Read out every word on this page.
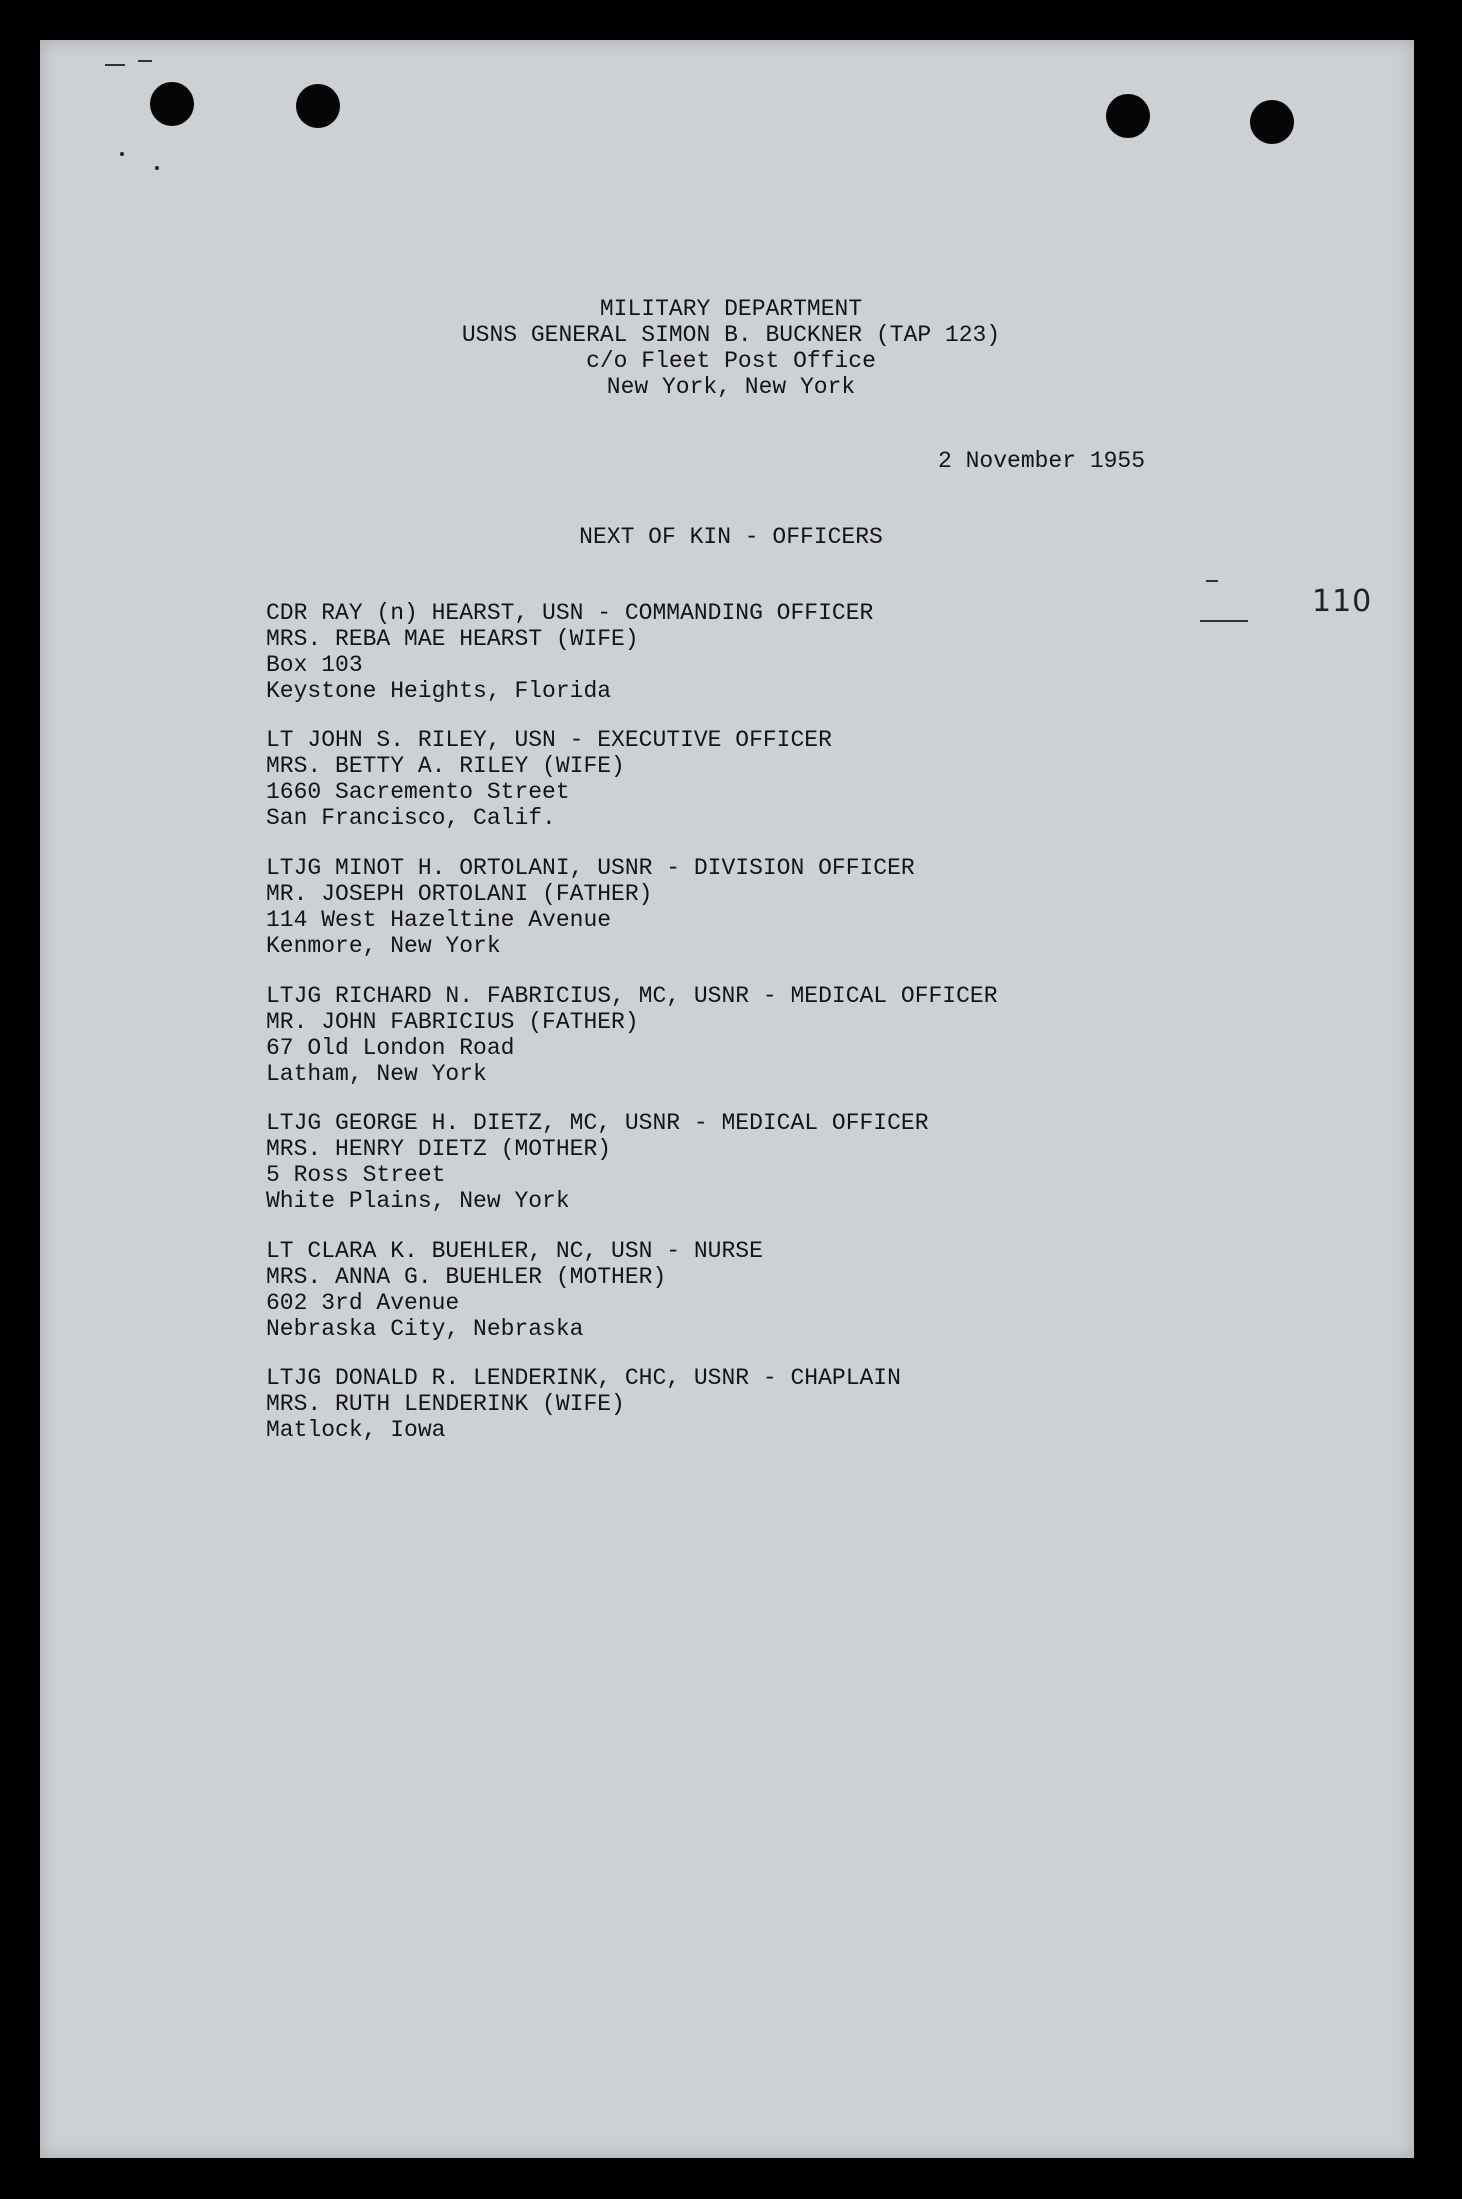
MILITARY DEPARTMENT

USNS GENERAL SIMON B. BUCKNER (TAP 123)

c/o Fleet Post Office

New York, New York

2 November 1955

NEXT OF KIN - OFFICERS

110

CDR RAY (n) HEARST, USN - COMMANDING OFFICER

MRS. REBA MAE HEARST (WIFE)

Box 103

Keystone Heights, Florida

LT JOHN S. RILEY, USN - EXECUTIVE OFFICER

MRS. BETTY A. RILEY (WIFE)

1660 Sacremento Street

San Francisco, Calif.

LTJG MINOT H. ORTOLANI, USNR - DIVISION OFFICER

MR. JOSEPH ORTOLANI (FATHER)

114 West Hazeltine Avenue

Kenmore, New York

LTJG RICHARD N. FABRICIUS, MC, USNR - MEDICAL OFFICER

MR. JOHN FABRICIUS (FATHER)

67 Old London Road

Latham, New York

LTJG GEORGE H. DIETZ, MC, USNR - MEDICAL OFFICER

MRS. HENRY DIETZ (MOTHER)

5 Ross Street

White Plains, New York

LT CLARA K. BUEHLER, NC, USN - NURSE

MRS. ANNA G. BUEHLER (MOTHER)

602 3rd Avenue

Nebraska City, Nebraska

LTJG DONALD R. LENDERINK, CHC, USNR - CHAPLAIN

MRS. RUTH LENDERINK (WIFE)

Matlock, Iowa
